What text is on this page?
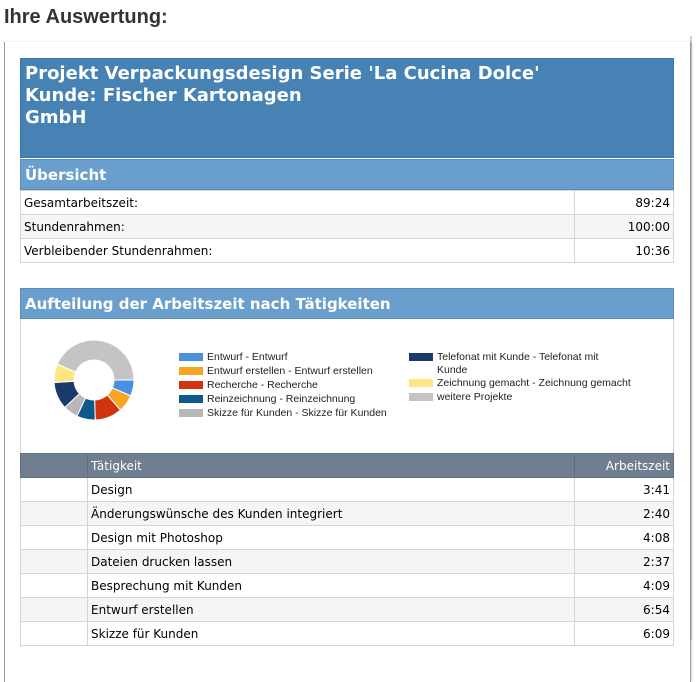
Ihre Auswertung:
Projekt Verpackungsdesign Serie 'La Cucina Dolce'
Kunde: Fischer Kartonagen
GmbH
Übersicht
Gesamtarbeitszeit:	89:24
Stundenrahmen:	100:00
Verbleibender Stundenrahmen:	10:36
Aufteilung der Arbeitszeit nach Tätigkeiten
Entwurf - Entwurf
Entwurf erstellen - Entwurf erstellen
Recherche - Recherche
Reinzeichnung - Reinzeichnung
Skizze für Kunden - Skizze für Kunden
Telefonat mit Kunde - Telefonat mit
Kunde
Zeichnung gemacht - Zeichnung gemacht
weitere Projekte
	Tätigkeit	Arbeitszeit
	Design	3:41
	Änderungswünsche des Kunden integriert	2:40
	Design mit Photoshop	4:08
	Dateien drucken lassen	2:37
	Besprechung mit Kunden	4:09
	Entwurf erstellen	6:54
	Skizze für Kunden	6:09
